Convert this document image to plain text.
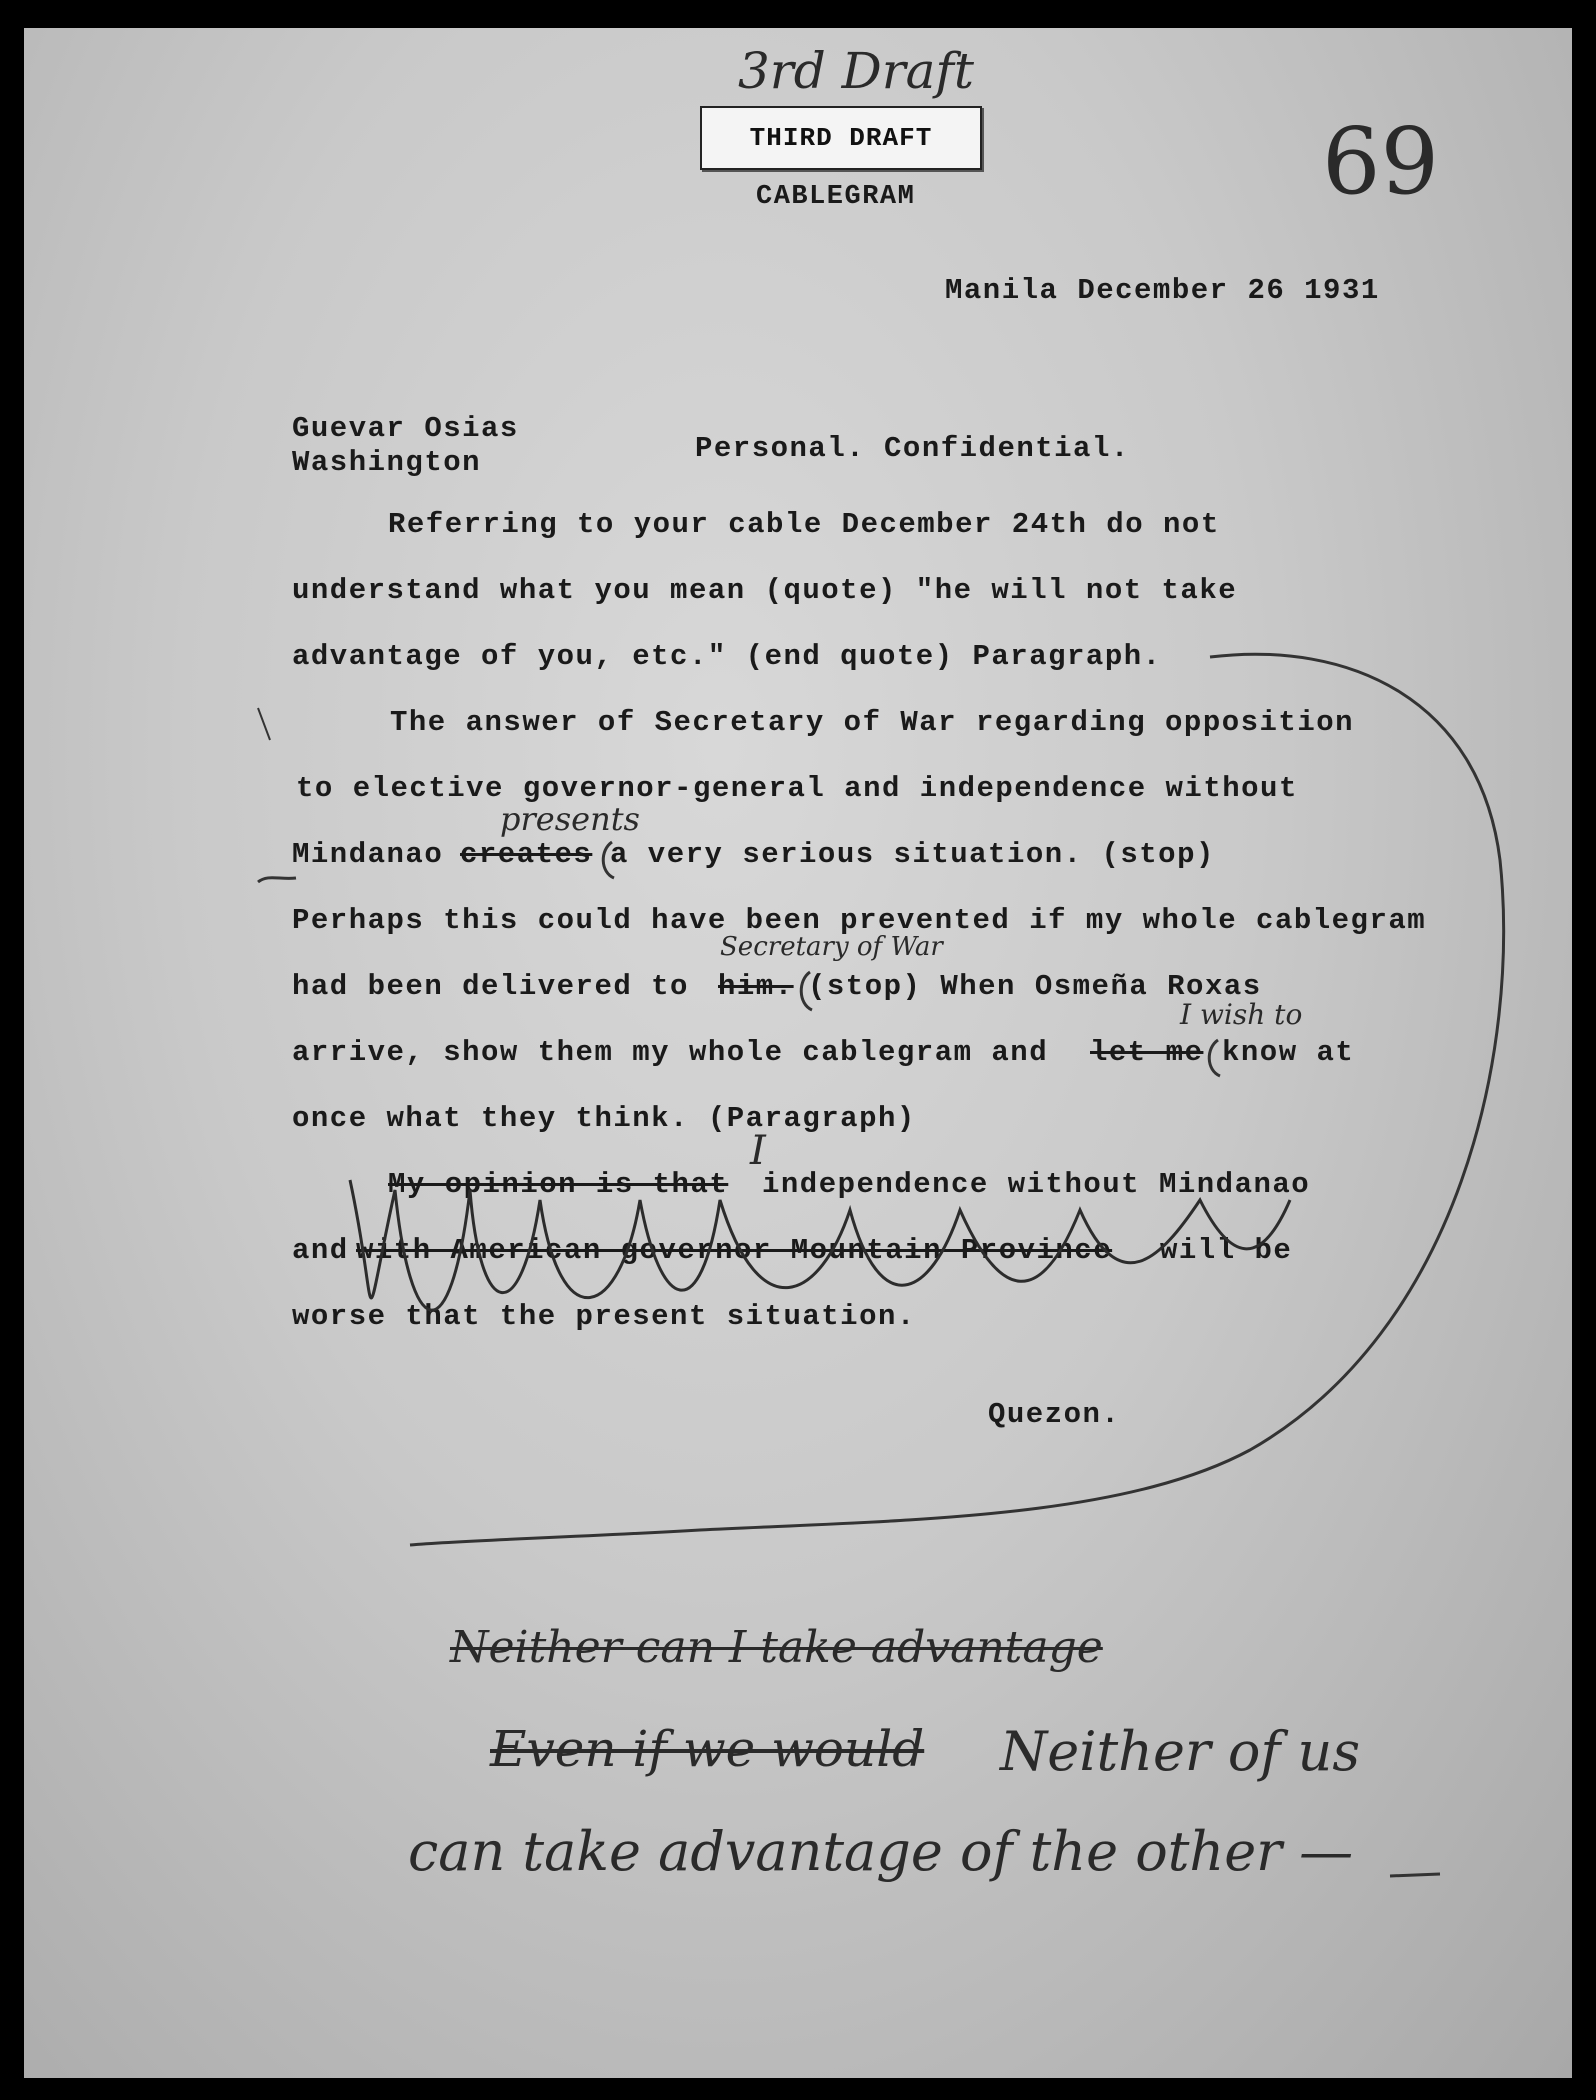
3rd Draft
THIRD DRAFT
CABLEGRAM	69
Manila December 26 1931
Guevar Osias
Washington	Personal. Confidential.
Referring to your cable December 24th do not
understand what you mean (quote) "he will not take
advantage of you, etc." (end quote) Paragraph.
The answer of Secretary of War regarding opposition
to elective governor-general and independence without
Mindanao creates a very serious situation. (stop)
presents
Perhaps this could have been prevented if my whole cablegram
had been delivered to him. (stop) When Osmeña Roxas
Secretary of War
arrive, show them my whole cablegram and let me know at
I wish to
once what they think. (Paragraph)
My opinion is that
I
independence without Mindanao
and with American governor Mountain Province will be
worse that the present situation.
Quezon.
Neither can I take advantage
Even if we would Neither of us
can take advantage of the other —
